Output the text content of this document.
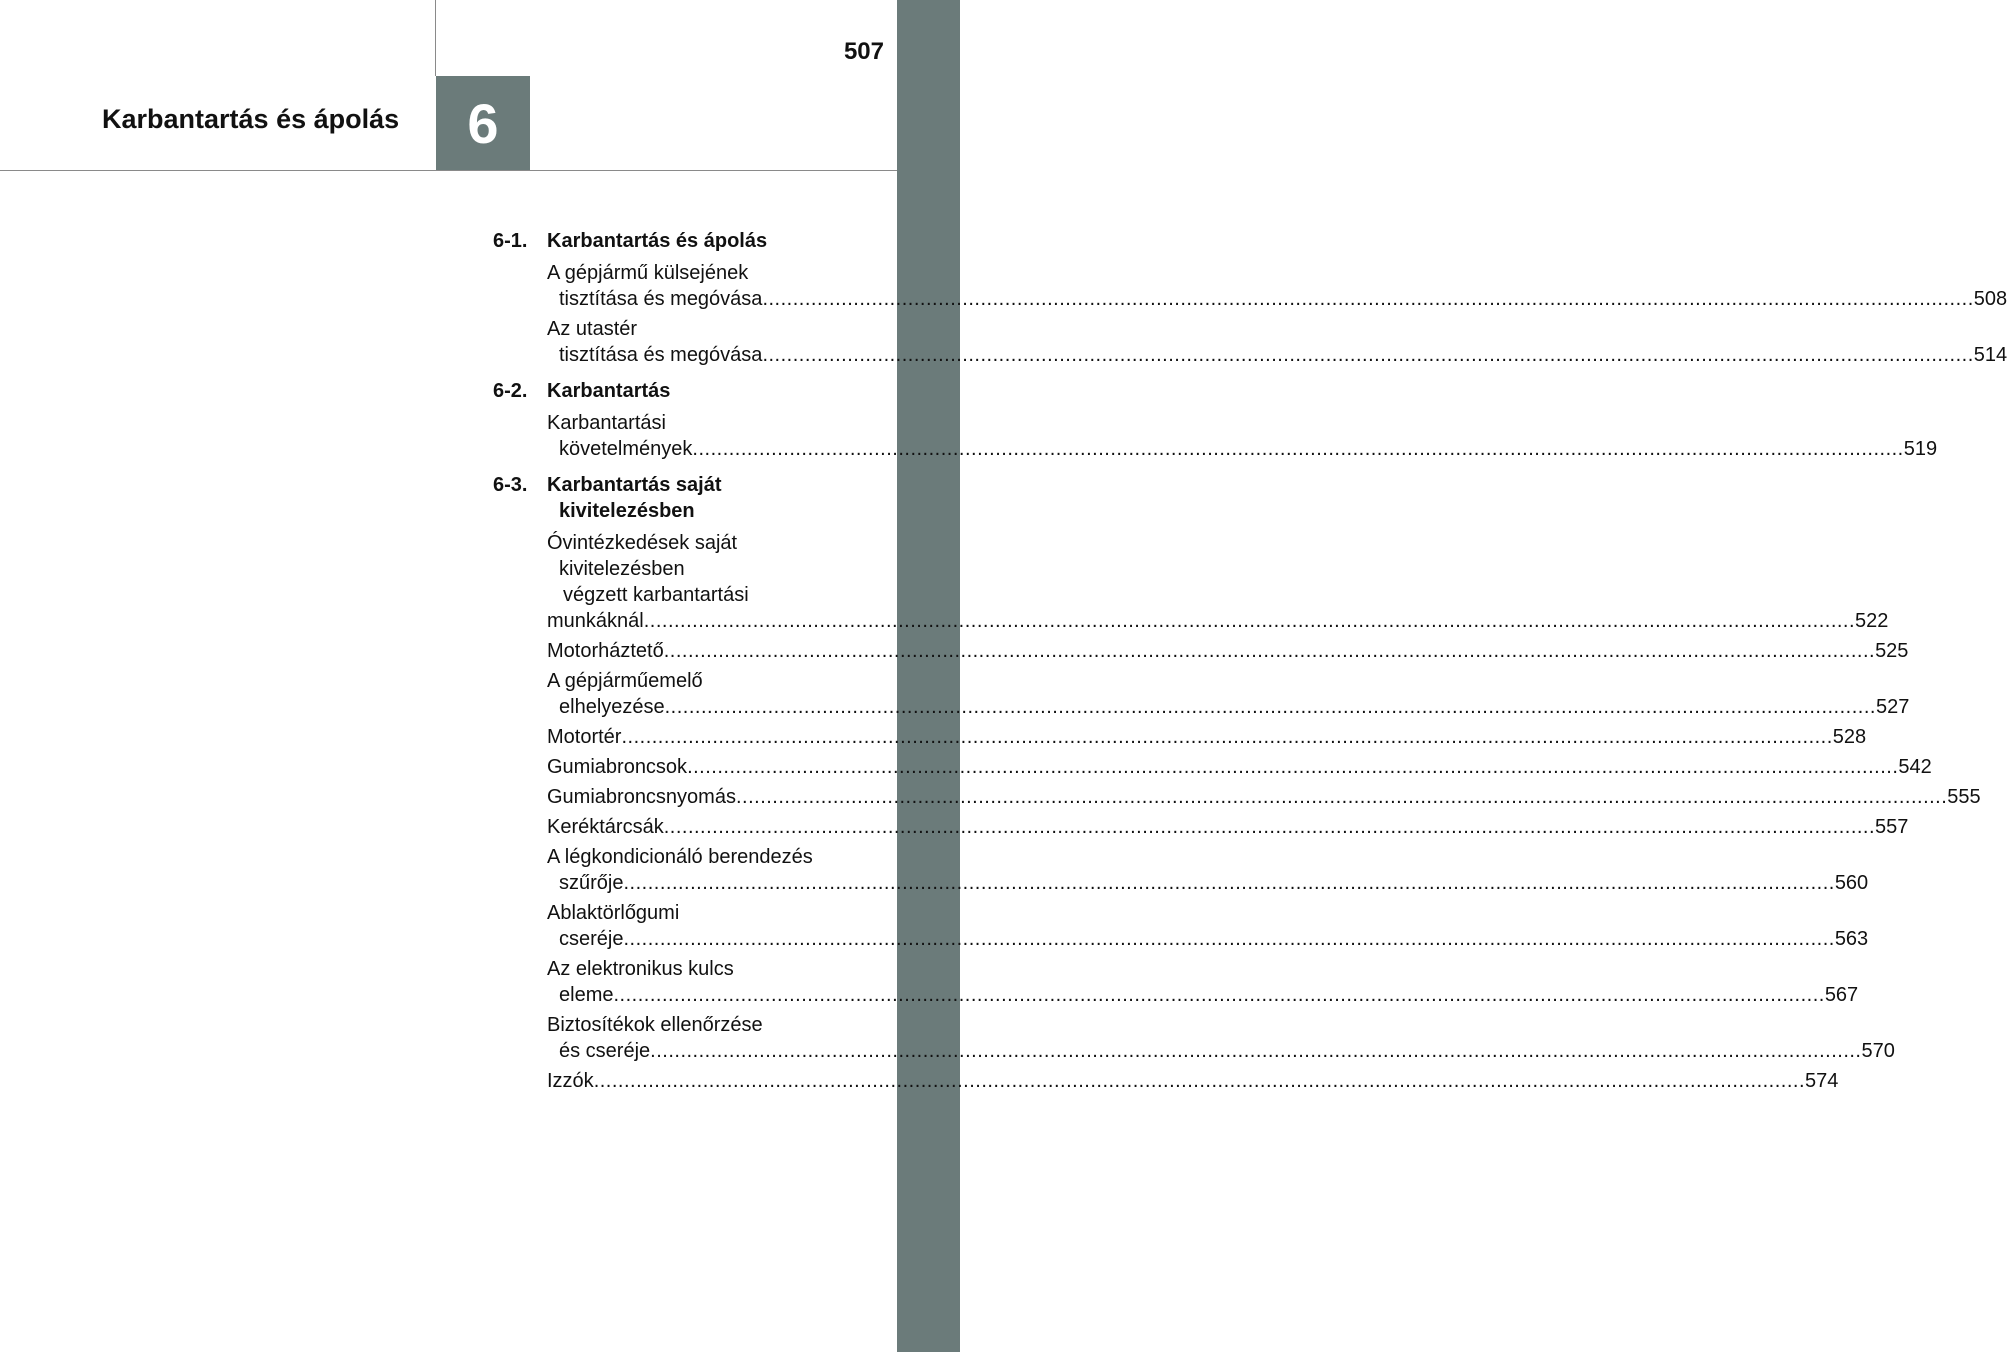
507
6
Karbantartás és ápolás
6-1. Karbantartás és ápolás
A gépjármű külsejének
tisztítása és megóvása ........................................................................................................................................................................................................ 508
Az utastér
tisztítása és megóvása ........................................................................................................................................................................................................ 514
6-2. Karbantartás
Karbantartási
követelmények ........................................................................................................................................................................................................ 519
6-3. Karbantartás saját
kivitelezésben
Óvintézkedések saját
kivitelezésben
végzett karbantartási
munkáknál ........................................................................................................................................................................................................ 522
Motorháztető ........................................................................................................................................................................................................ 525
A gépjárműemelő
elhelyezése ........................................................................................................................................................................................................ 527
Motortér ........................................................................................................................................................................................................ 528
Gumiabroncsok ........................................................................................................................................................................................................ 542
Gumiabroncsnyomás ........................................................................................................................................................................................................ 555
Keréktárcsák ........................................................................................................................................................................................................ 557
A légkondicionáló berendezés
szűrője ........................................................................................................................................................................................................ 560
Ablaktörlőgumi
cseréje ........................................................................................................................................................................................................ 563
Az elektronikus kulcs
eleme ........................................................................................................................................................................................................ 567
Biztosítékok ellenőrzése
és cseréje ........................................................................................................................................................................................................ 570
Izzók ........................................................................................................................................................................................................ 574
